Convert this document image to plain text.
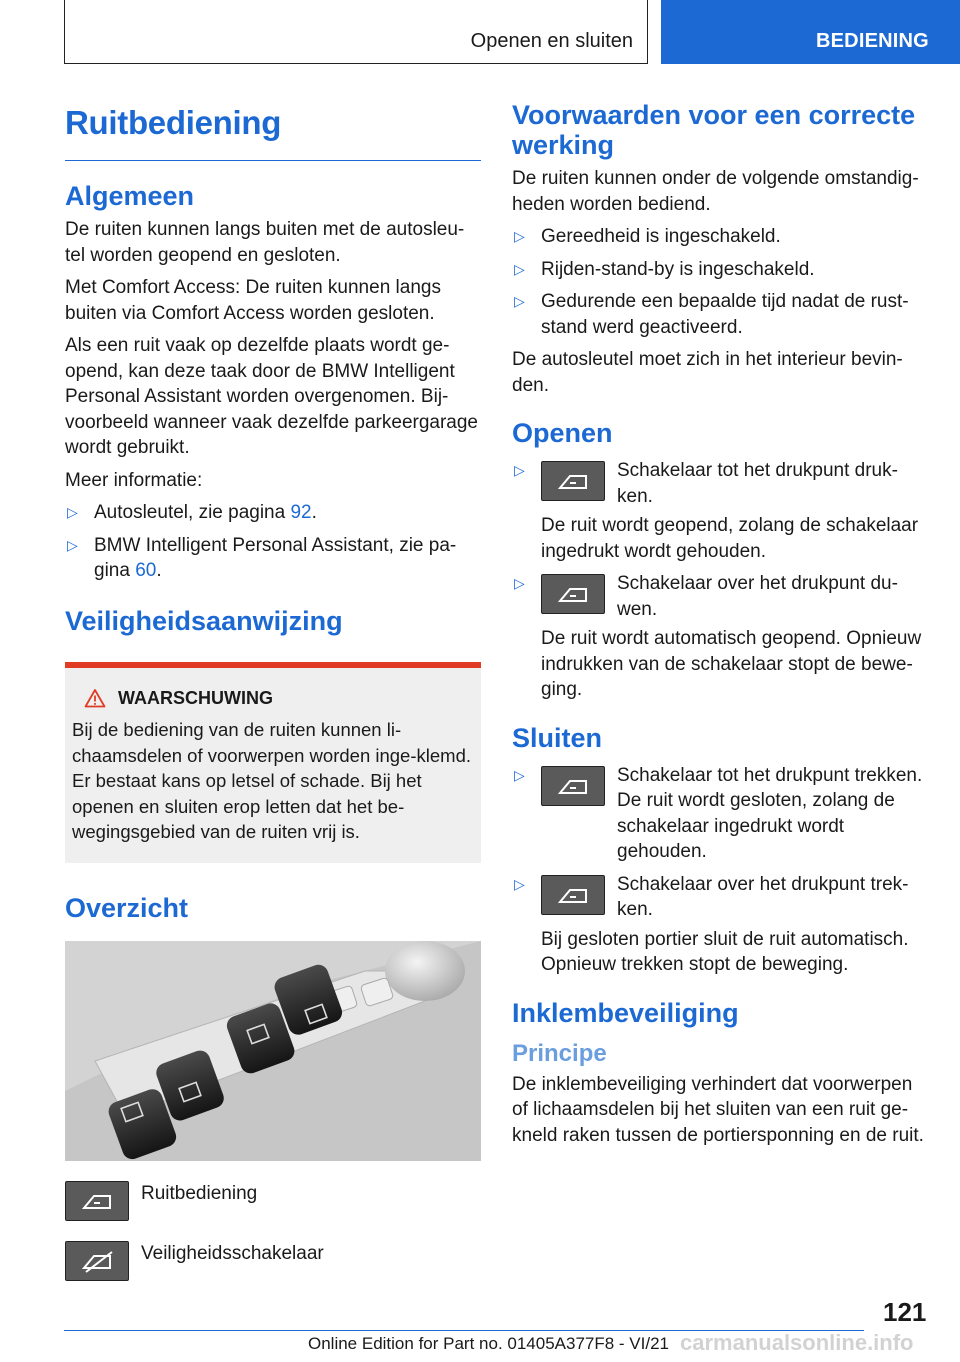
Openen en sluiten	BEDIENING
Ruitbediening
Algemeen

De ruiten kunnen langs buiten met de autosleu-tel worden geopend en gesloten.

Met Comfort Access: De ruiten kunnen langs buiten via Comfort Access worden gesloten.

Als een ruit vaak op dezelfde plaats wordt ge-opend, kan deze taak door de BMW Intelligent Personal Assistant worden overgenomen. Bij-voorbeeld wanneer vaak dezelfde parkeergarage wordt gebruikt.

Meer informatie:

▷ Autosleutel, zie pagina 92.
▷ BMW Intelligent Personal Assistant, zie pa-gina 60.
Veiligheidsaanwijzing
WAARSCHUWING

Bij de bediening van de ruiten kunnen li-chaamsdelen of voorwerpen worden inge-klemd. Er bestaat kans op letsel of schade. Bij het openen en sluiten erop letten dat het be-wegingsgebied van de ruiten vrij is.

Overzicht
Ruitbediening
Veiligheidsschakelaar
Voorwaarden voor een correcte werking

De ruiten kunnen onder de volgende omstandig-heden worden bediend.

▷ Gereedheid is ingeschakeld.
▷ Rijden-stand-by is ingeschakeld.
▷ Gedurende een bepaalde tijd nadat de rust-stand werd geactiveerd.

De autosleutel moet zich in het interieur bevin-den.

Openen
▷	Schakelaar tot het drukpunt druk-ken.

De ruit wordt geopend, zolang de schakelaar ingedrukt wordt gehouden.

▷	Schakelaar over het drukpunt du-wen.

De ruit wordt automatisch geopend. Opnieuw indrukken van de schakelaar stopt de bewe-ging.

Sluiten
▷	Schakelaar tot het drukpunt trekken.
De ruit wordt gesloten, zolang de schakelaar ingedrukt wordt gehouden.
▷	Schakelaar over het drukpunt trek-ken.

Bij gesloten portier sluit de ruit automatisch. Opnieuw trekken stopt de beweging.

Inklembeveiliging
Principe

De inklembeveiliging verhindert dat voorwerpen of lichaamsdelen bij het sluiten van een ruit ge-kneld raken tussen de portiersponning en de ruit.

121
Online Edition for Part no. 01405A377F8 - VI/21 carmanualsonline.info
